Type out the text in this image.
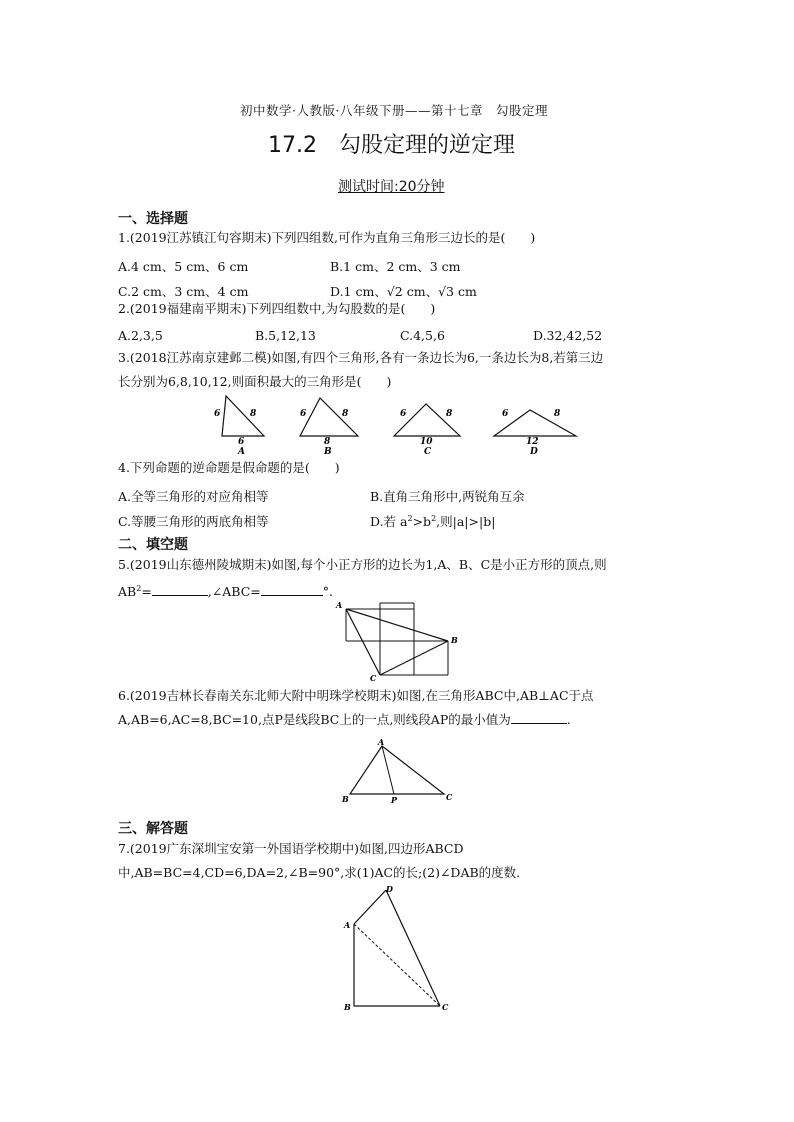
初中数学·人教版·八年级下册——第十七章　勾股定理
17.2　勾股定理的逆定理
测试时间:20分钟
一、选择题
1.(2019江苏镇江句容期末)下列四组数,可作为直角三角形三边长的是(　　)
A.4 cm、5 cm、6 cm	B.1 cm、2 cm、3 cm
C.2 cm、3 cm、4 cm	D.1 cm、√2 cm、√3 cm
2.(2019福建南平期末)下列四组数中,为勾股数的是(　　)
A.2,3,5	B.5,12,13	C.4,5,6	D.32,42,52
3.(2018江苏南京建邺二模)如图,有四个三角形,各有一条边长为6,一条边长为8,若第三边
长分别为6,8,10,12,则面积最大的三角形是(　　)
6	8
6
A
6	8
8
B
6	8
10
C
6	8
12
D
4.下列命题的逆命题是假命题的是(　　)
A.全等三角形的对应角相等	B.直角三角形中,两锐角互余
C.等腰三角形的两底角相等	D.若 $a^2>b^2$,则|a|>|b|
二、填空题
5.(2019山东德州陵城期末)如图,每个小正方形的边长为1,A、B、C是小正方形的顶点,则
$AB^2=$	,∠ABC=	°.
A
B
C
6.(2019吉林长春南关东北师大附中明珠学校期末)如图,在三角形ABC中,AB⊥AC于点
A,AB=6,AC=8,BC=10,点P是线段BC上的一点,则线段AP的最小值为	.
A
B	C
P
三、解答题
7.(2019广东深圳宝安第一外国语学校期中)如图,四边形ABCD
中,AB=BC=4,CD=6,DA=2,∠B=90°,求(1)AC的长;(2)∠DAB的度数.
A
B	C
D
